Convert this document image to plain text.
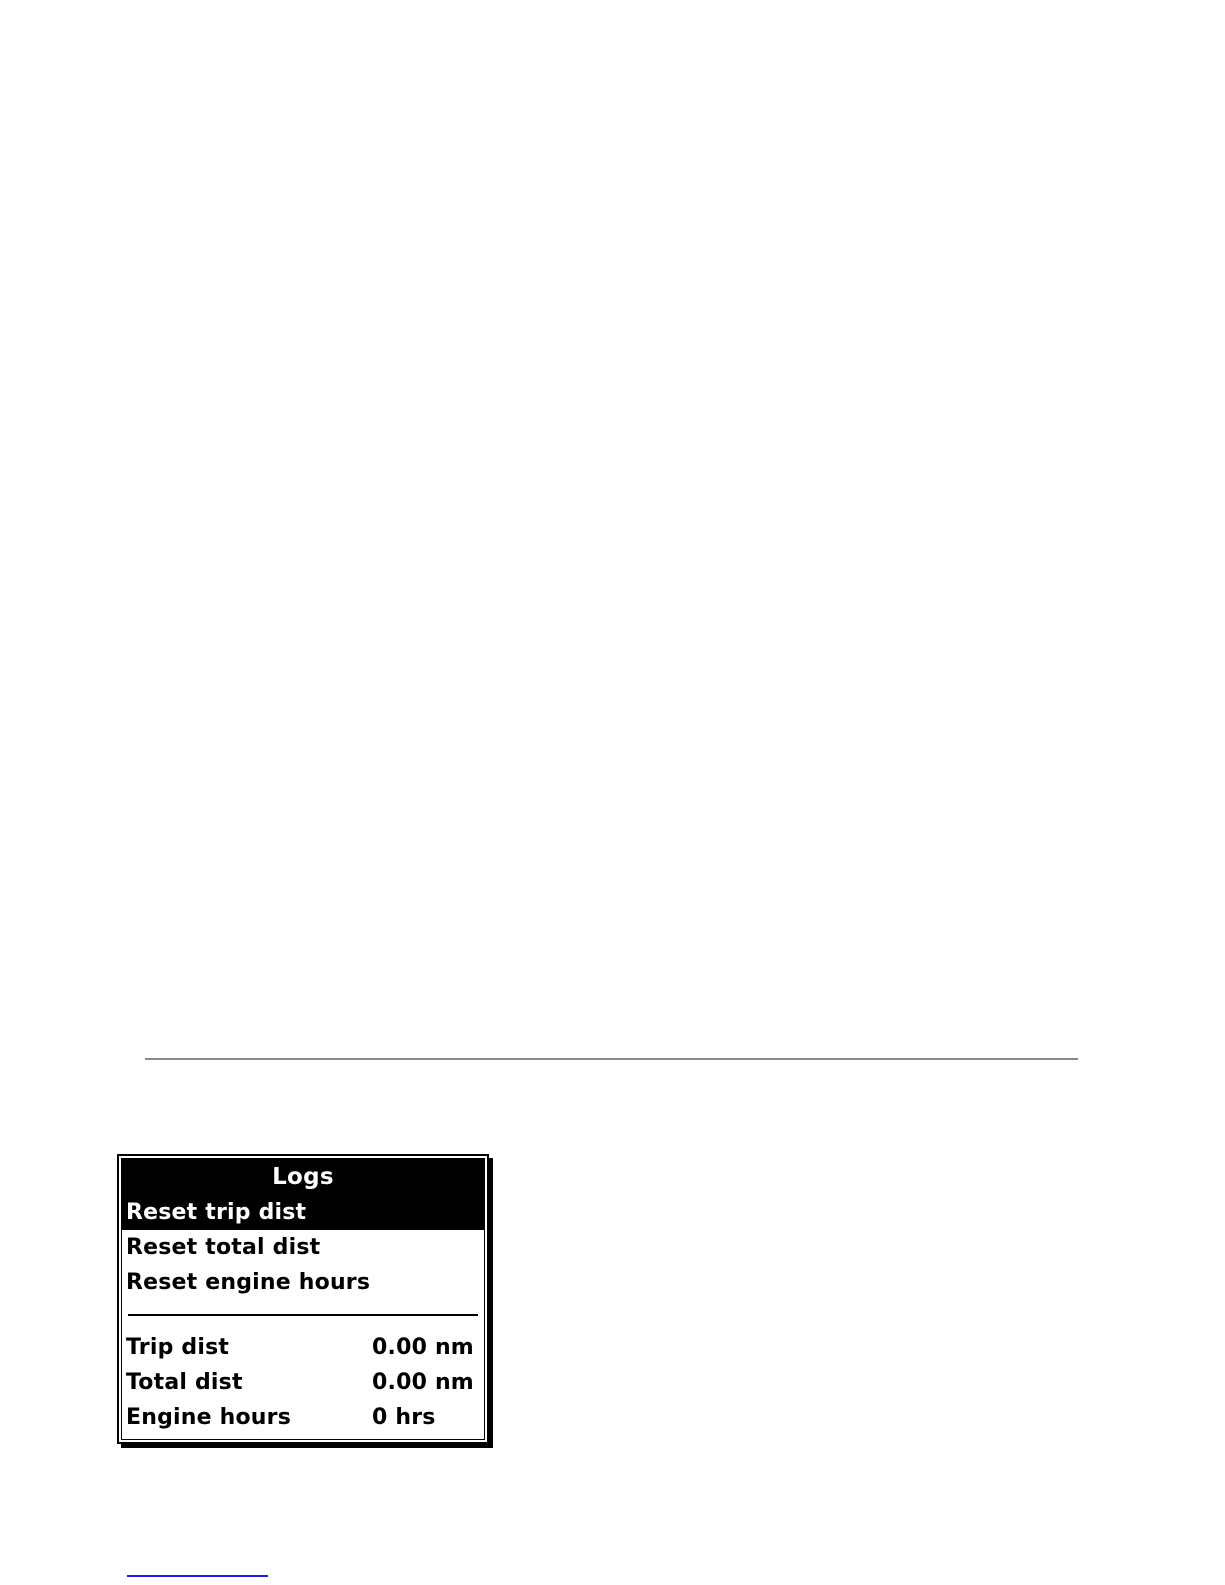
Logs
Reset trip dist
Reset total dist
Reset engine hours
Trip dist	0.00 nm
Total dist	0.00 nm
Engine hours	0 hrs
